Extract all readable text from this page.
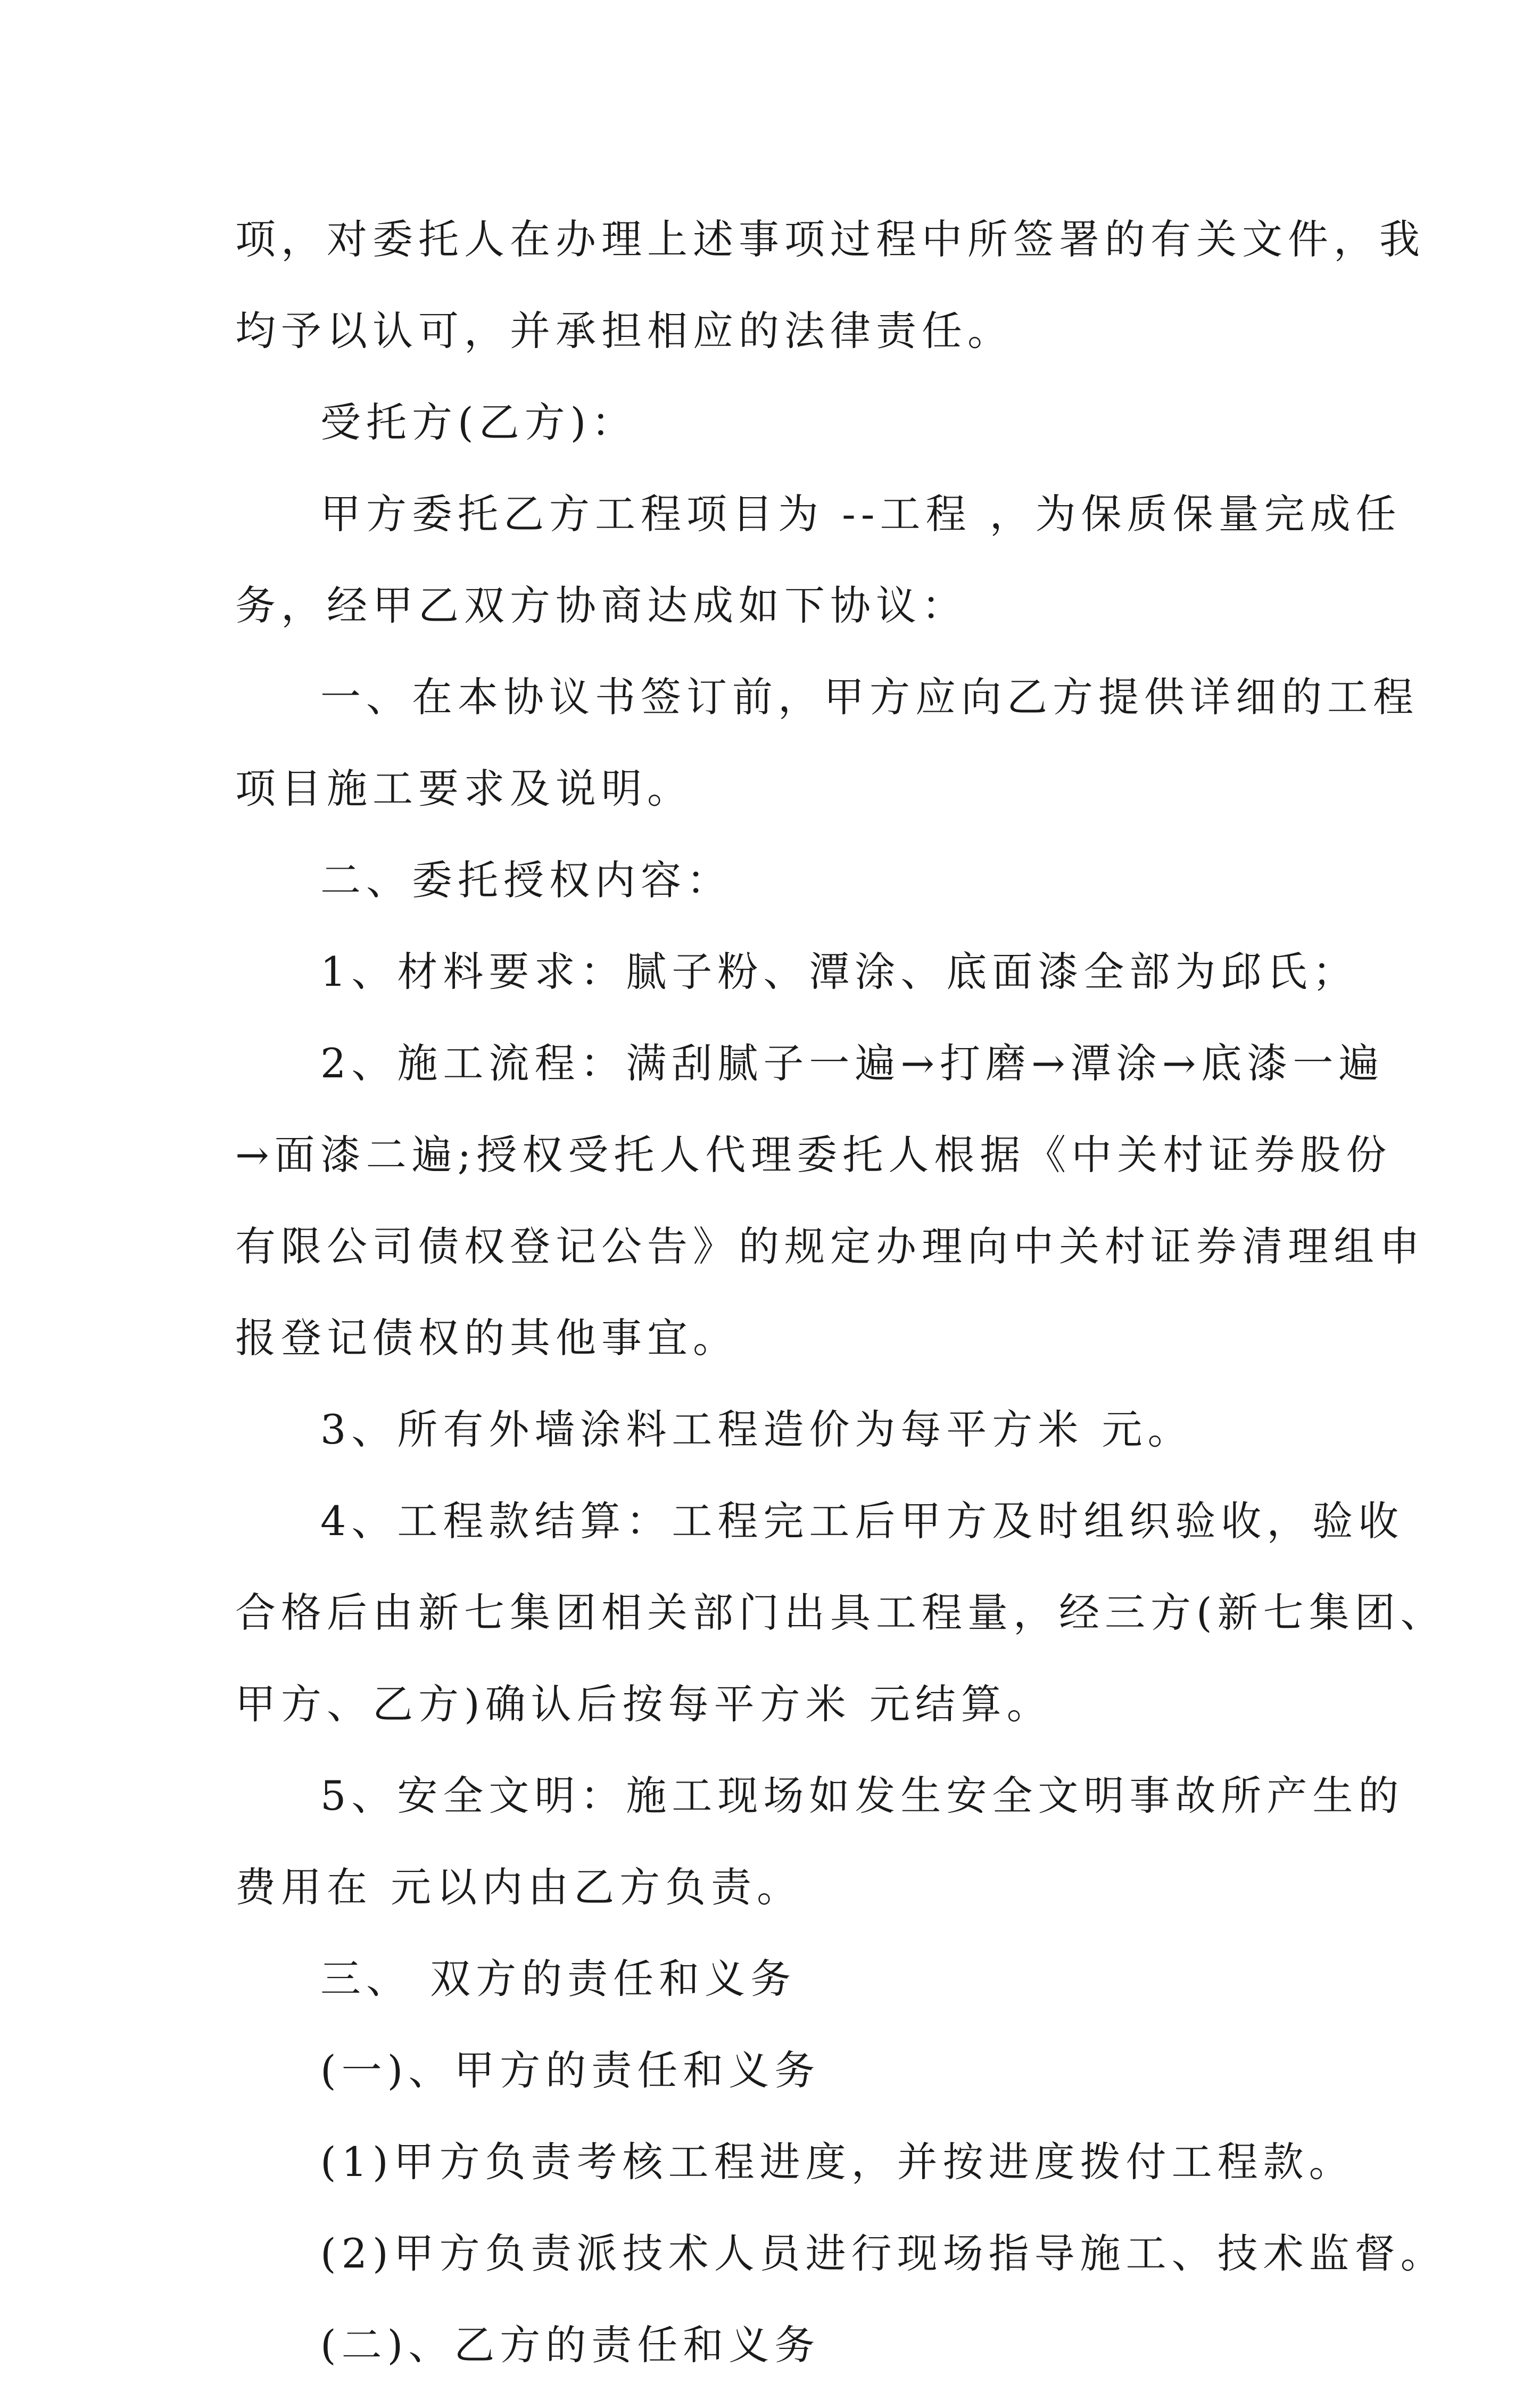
项，对委托人在办理上述事项过程中所签署的有关文件，我

均予以认可，并承担相应的法律责任。

受托方(乙方)：

甲方委托乙方工程项目为 --工程 ，为保质保量完成任

务，经甲乙双方协商达成如下协议：

一、在本协议书签订前，甲方应向乙方提供详细的工程

项目施工要求及说明。

二、委托授权内容：

1、材料要求：腻子粉、潭涂、底面漆全部为邱氏；

2、施工流程：满刮腻子一遍→打磨→潭涂→底漆一遍

→面漆二遍;授权受托人代理委托人根据《中关村证券股份

有限公司债权登记公告》的规定办理向中关村证券清理组申

报登记债权的其他事宜。

3、所有外墙涂料工程造价为每平方米 元。

4、工程款结算：工程完工后甲方及时组织验收，验收

合格后由新七集团相关部门出具工程量，经三方(新七集团、

甲方、乙方)确认后按每平方米 元结算。

5、安全文明：施工现场如发生安全文明事故所产生的

费用在 元以内由乙方负责。

三、 双方的责任和义务

(一)、甲方的责任和义务

(1)甲方负责考核工程进度，并按进度拨付工程款。

(2)甲方负责派技术人员进行现场指导施工、技术监督。

(二)、乙方的责任和义务
